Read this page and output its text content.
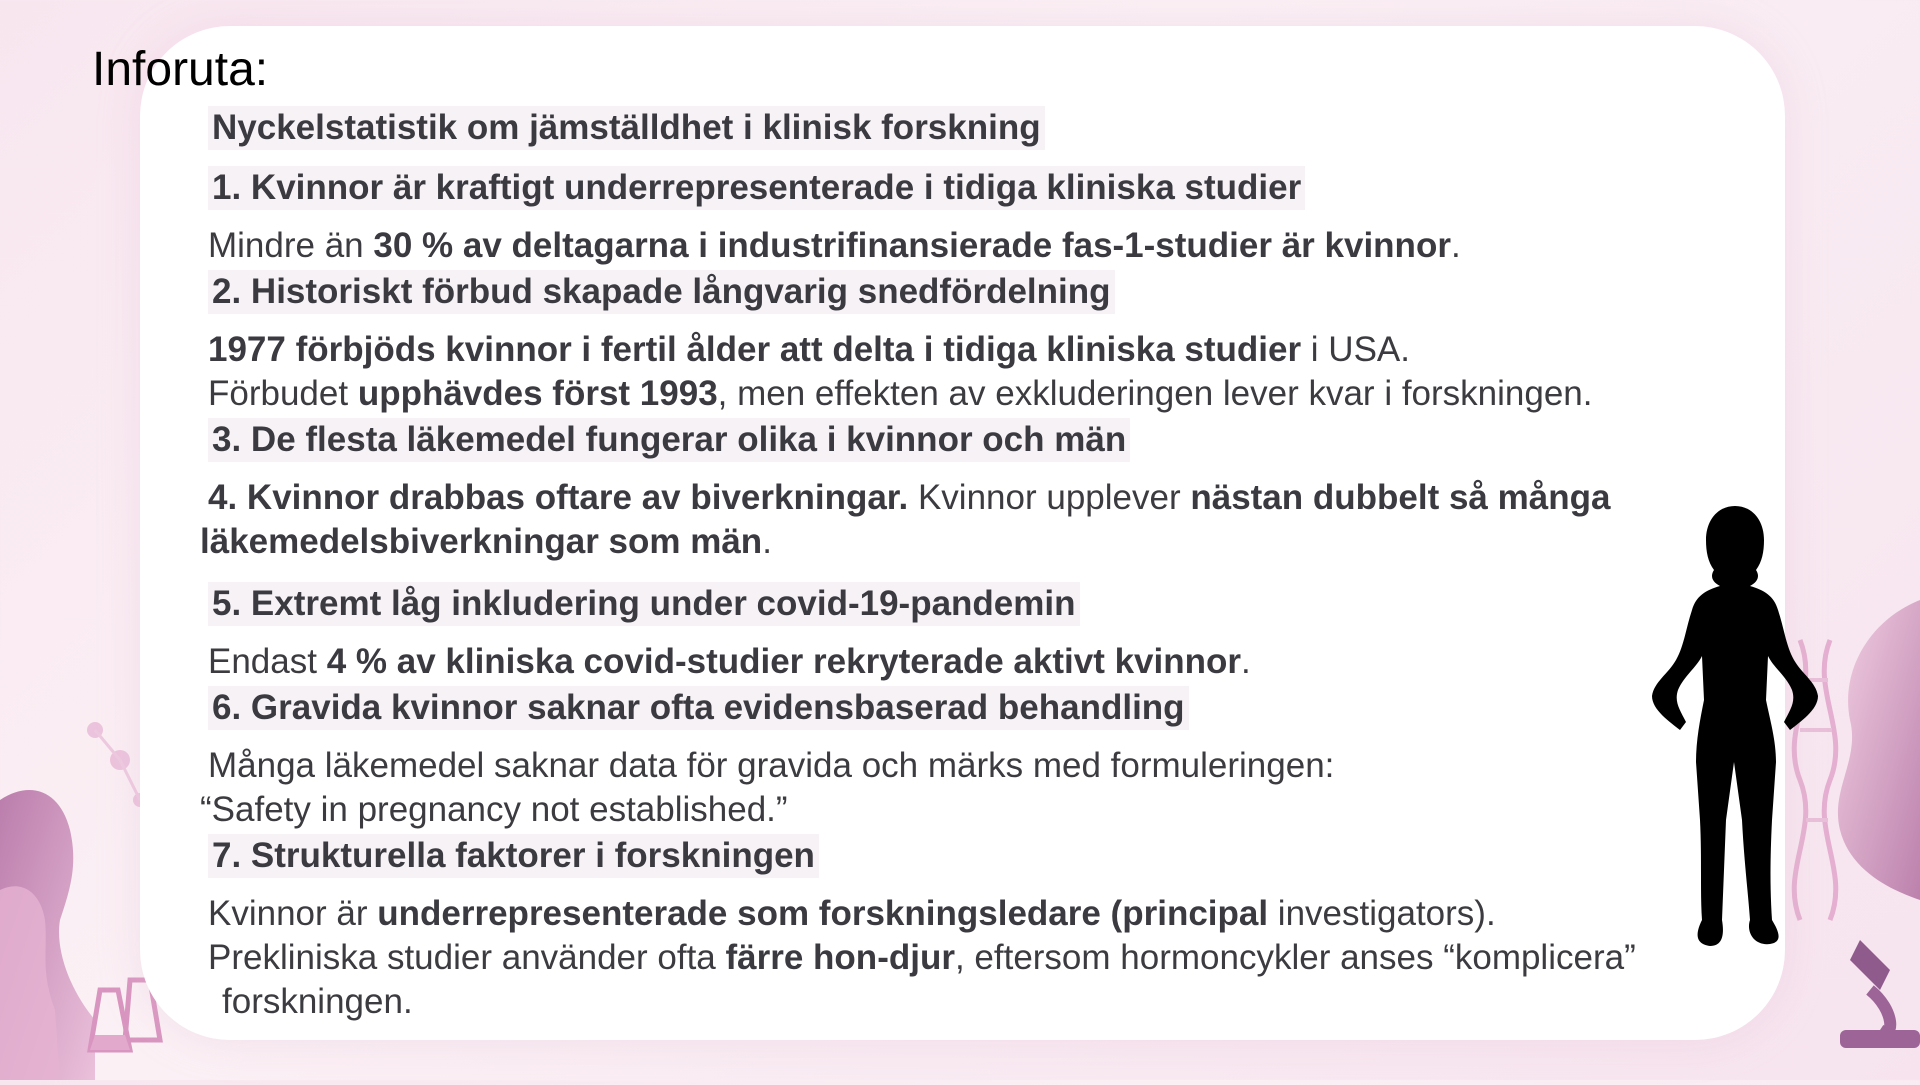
Inforuta:
Nyckelstatistik om jämställdhet i klinisk forskning
1. Kvinnor är kraftigt underrepresenterade i tidiga kliniska studier
Mindre än 30 % av deltagarna i industrifinansierade fas-1-studier är kvinnor.
2. Historiskt förbud skapade långvarig snedfördelning
1977 förbjöds kvinnor i fertil ålder att delta i tidiga kliniska studier i USA.
Förbudet upphävdes först 1993, men effekten av exkluderingen lever kvar i forskningen.
3. De flesta läkemedel fungerar olika i kvinnor och män
4. Kvinnor drabbas oftare av biverkningar. Kvinnor upplever nästan dubbelt så många
läkemedelsbiverkningar som män.
5. Extremt låg inkludering under covid-19-pandemin
Endast 4 % av kliniska covid-studier rekryterade aktivt kvinnor.
6. Gravida kvinnor saknar ofta evidensbaserad behandling
Många läkemedel saknar data för gravida och märks med formuleringen:
“Safety in pregnancy not established.”
7. Strukturella faktorer i forskningen
Kvinnor är underrepresenterade som forskningsledare (principal investigators).
Prekliniska studier använder ofta färre hon-djur, eftersom hormoncykler anses “komplicera”
forskningen.
